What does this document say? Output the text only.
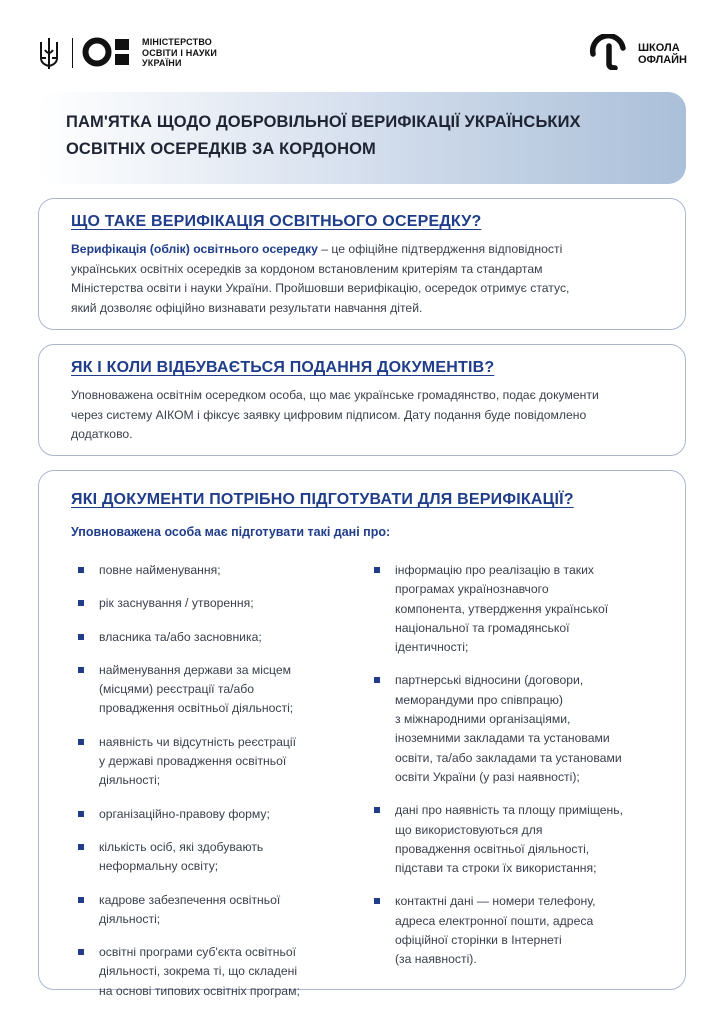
МІНІСТЕРСТВО
ОСВІТИ І НАУКИ
УКРАЇНИ
ШКОЛА
ОФЛАЙН
ПАМ'ЯТКА ЩОДО ДОБРОВІЛЬНОЇ ВЕРИФІКАЦІЇ УКРАЇНСЬКИХ
ОСВІТНІХ ОСЕРЕДКІВ ЗА КОРДОНОМ
ЩО ТАКЕ ВЕРИФІКАЦІЯ ОСВІТНЬОГО ОСЕРЕДКУ?
Верифікація (облік) освітнього осередку – це офіційне підтвердження відповідності
українських освітніх осередків за кордоном встановленим критеріям та стандартам
Міністерства освіти і науки України. Пройшовши верифікацію, осередок отримує статус,
який дозволяє офіційно визнавати результати навчання дітей.
ЯК І КОЛИ ВІДБУВАЄТЬСЯ ПОДАННЯ ДОКУМЕНТІВ?
Уповноважена освітнім осередком особа, що має українське громадянство, подає документи
через систему АІКОМ і фіксує заявку цифровим підписом. Дату подання буде повідомлено
додатково.
ЯКІ ДОКУМЕНТИ ПОТРІБНО ПІДГОТУВАТИ ДЛЯ ВЕРИФІКАЦІЇ?
Уповноважена особа має підготувати такі дані про:
повне найменування;
рік заснування / утворення;
власника та/або засновника;
найменування держави за місцем
(місцями) реєстрації та/або
провадження освітньої діяльності;
наявність чи відсутність реєстрації
у державі провадження освітньої
діяльності;
організаційно-правову форму;
кількість осіб, які здобувають
неформальну освіту;
кадрове забезпечення освітньої
діяльності;
освітні програми суб'єкта освітньої
діяльності, зокрема ті, що складені
на основі типових освітніх програм;
інформацію про реалізацію в таких
програмах українознавчого
компонента, утвердження української
національної та громадянської
ідентичності;
партнерські відносини (договори,
меморандуми про співпрацю)
з міжнародними організаціями,
іноземними закладами та установами
освіти, та/або закладами та установами
освіти України (у разі наявності);
дані про наявність та площу приміщень,
що використовуються для
провадження освітньої діяльності,
підстави та строки їх використання;
контактні дані — номери телефону,
адреса електронної пошти, адреса
офіційної сторінки в Інтернеті
(за наявності).
